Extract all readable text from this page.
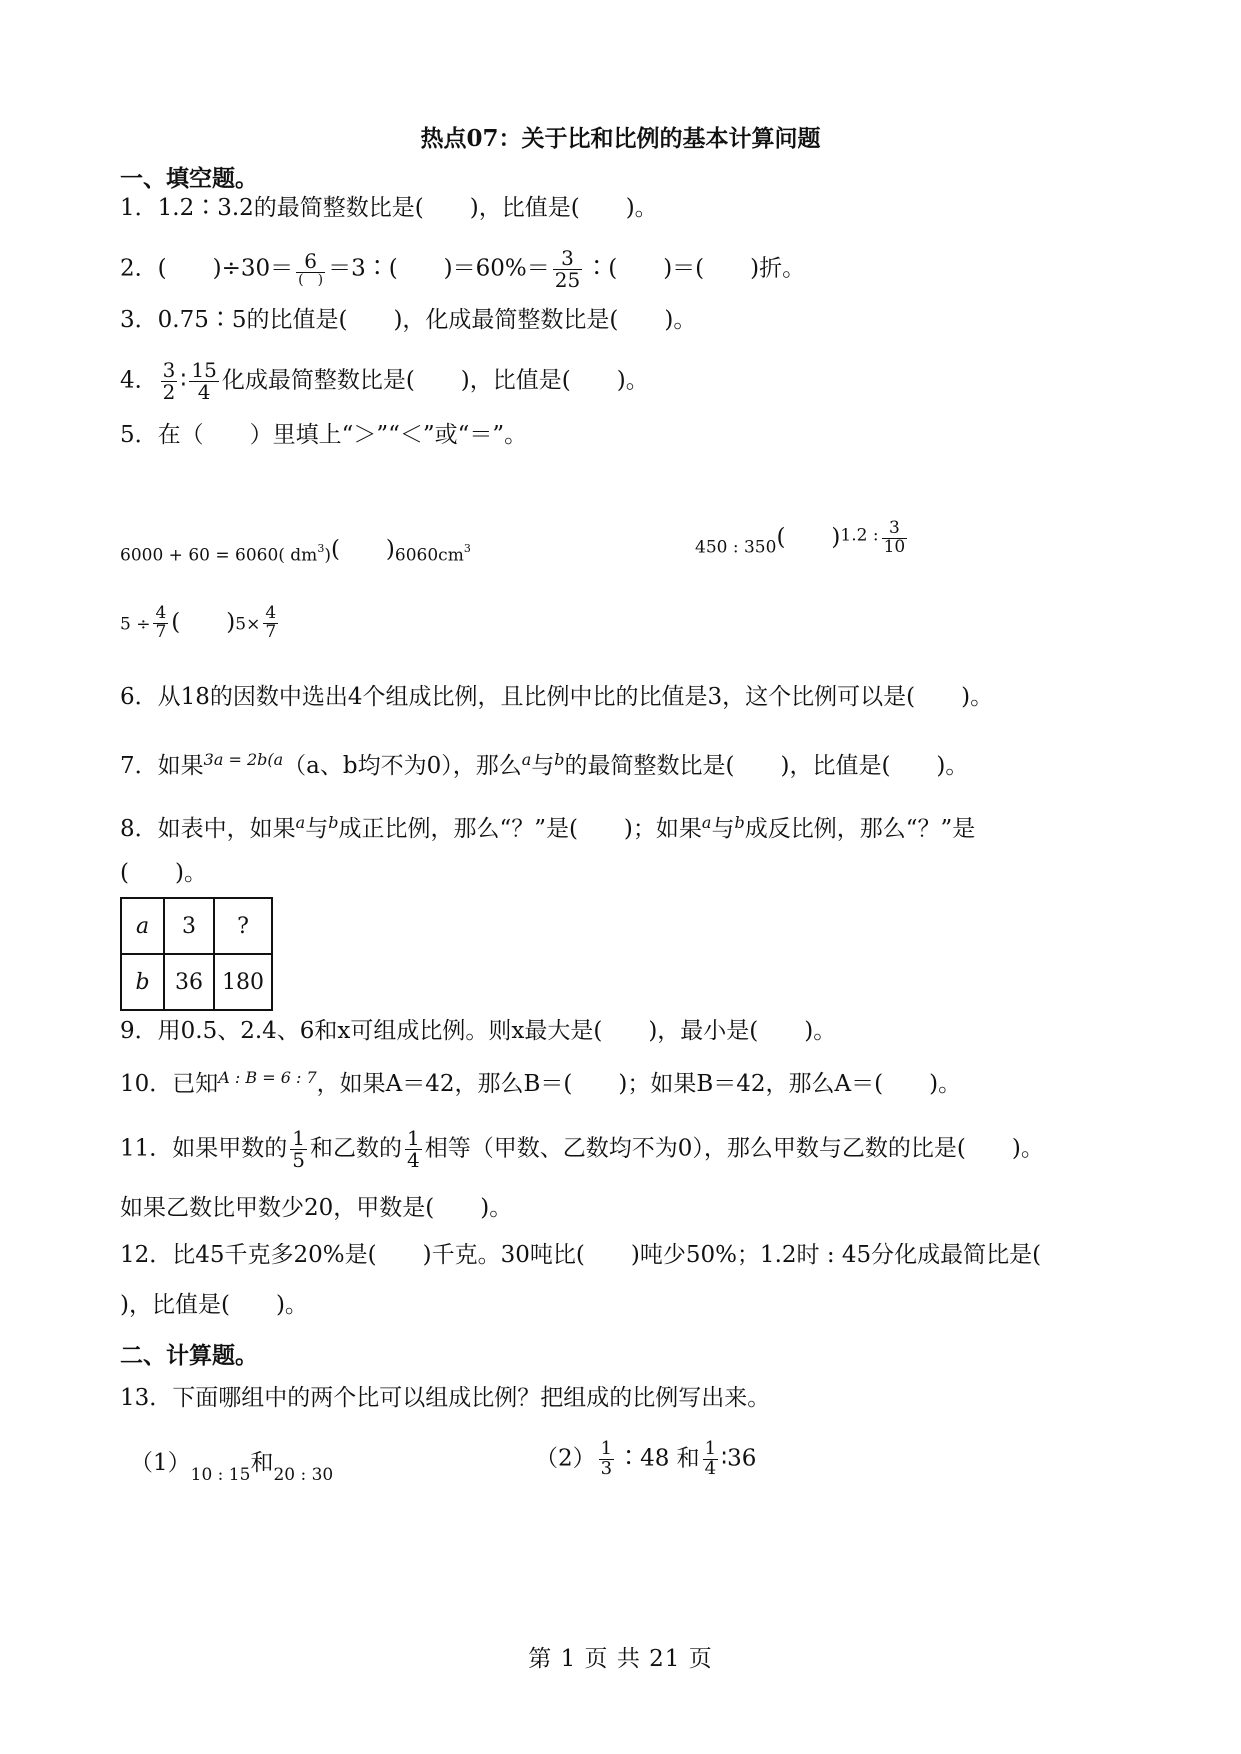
热点07：关于比和比例的基本计算问题
一、填空题。
1．1.2∶3.2的最简整数比是(　　)，比值是(　　)。
2．(　　)$\div 30= \frac{6}{( )}$ ＝3∶(　　)$=60\%= \frac{3}{25}$ ∶(　　)＝(　　)折。
3．0.75∶5的比值是(　　)，化成最简整数比是(　　)。
4． $\frac{3}{2}$ ∶ $\frac{15}{4}$ 化成最简整数比是(　　)，比值是(　　)。
5．在（　　）里填上“＞”“＜”或“＝”。
6000 + 60 = 6060( $dm^3$)(　　)$6060cm^3$	$_{450 : 350}$(　　)1.2 : $\frac{3}{10}$
$5 \div \frac{4}{7}$ (　　)$5\times \frac{4}{7}$
6．从18的因数中选出4个组成比例，且比例中比的比值是3，这个比例可以是(　　)。
7．如果$^{3a = 2b(a}$（a、b均不为0），那么$^a$与$^b$的最简整数比是(　　)，比值是(　　)。
8．如表中，如果$^a$与$^b$成正比例，那么“？”是(　　)；如果$^a$与$^b$成反比例，那么“？”是
(　　)。
a	3	?
b	36	180
9．用0.5、2.4、6和x可组成比例。则x最大是(　　)，最小是(　　)。
10．已知$^{A : B = 6 : 7}$，如果A＝42，那么B＝(　　)；如果B＝42，那么A＝(　　)。
11．如果甲数的 $\frac{1}{5}$ 和乙数的 $\frac{1}{4}$ 相等（甲数、乙数均不为0），那么甲数与乙数的比是(　　)。
如果乙数比甲数少20，甲数是(　　)。
12．比45千克多20%是(　　)千克。30吨比(　　)吨少50%；1.2时 : 45分化成最简比是(
)，比值是(　　)。
二、计算题。
13．下面哪组中的两个比可以组成比例？把组成的比例写出来。
$(1)_{10 : 15}$和$_{20 : 30}$
$(2) \frac{1}{3}$ ∶48 和 $\frac{1}{4}$ ∶36
第 1 页 共 21 页
